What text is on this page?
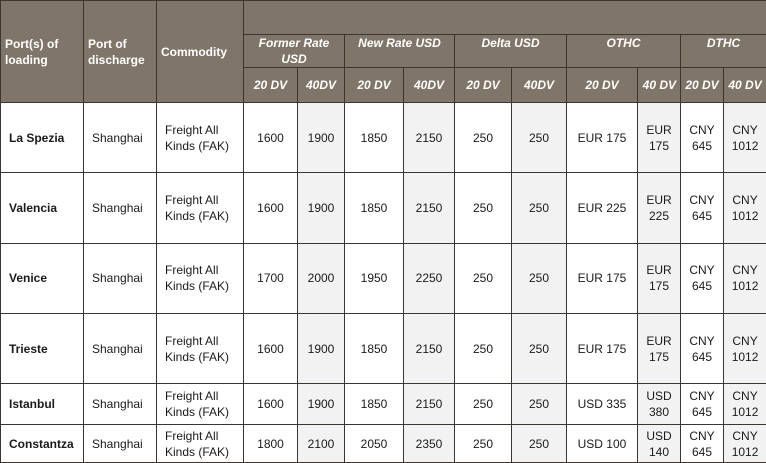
Port(s) of loading	Port of discharge	Commodity										
			Former Rate USD		New Rate USD		Delta USD		OTHC		DTHC	
			20 DV	40DV	20 DV	40DV	20 DV	40DV	20 DV	40 DV	20 DV	40 DV
La Spezia	Shanghai	Freight All Kinds (FAK)	1600	1900	1850	2150	250	250	EUR 175	EUR 175	CNY 645	CNY 1012
Valencia	Shanghai	Freight All Kinds (FAK)	1600	1900	1850	2150	250	250	EUR 225	EUR 225	CNY 645	CNY 1012
Venice	Shanghai	Freight All Kinds (FAK)	1700	2000	1950	2250	250	250	EUR 175	EUR 175	CNY 645	CNY 1012
Trieste	Shanghai	Freight All Kinds (FAK)	1600	1900	1850	2150	250	250	EUR 175	EUR 175	CNY 645	CNY 1012
Istanbul	Shanghai	Freight All Kinds (FAK)	1600	1900	1850	2150	250	250	USD 335	USD 380	CNY 645	CNY 1012
Constantza	Shanghai	Freight All Kinds (FAK)	1800	2100	2050	2350	250	250	USD 100	USD 140	CNY 645	CNY 1012
